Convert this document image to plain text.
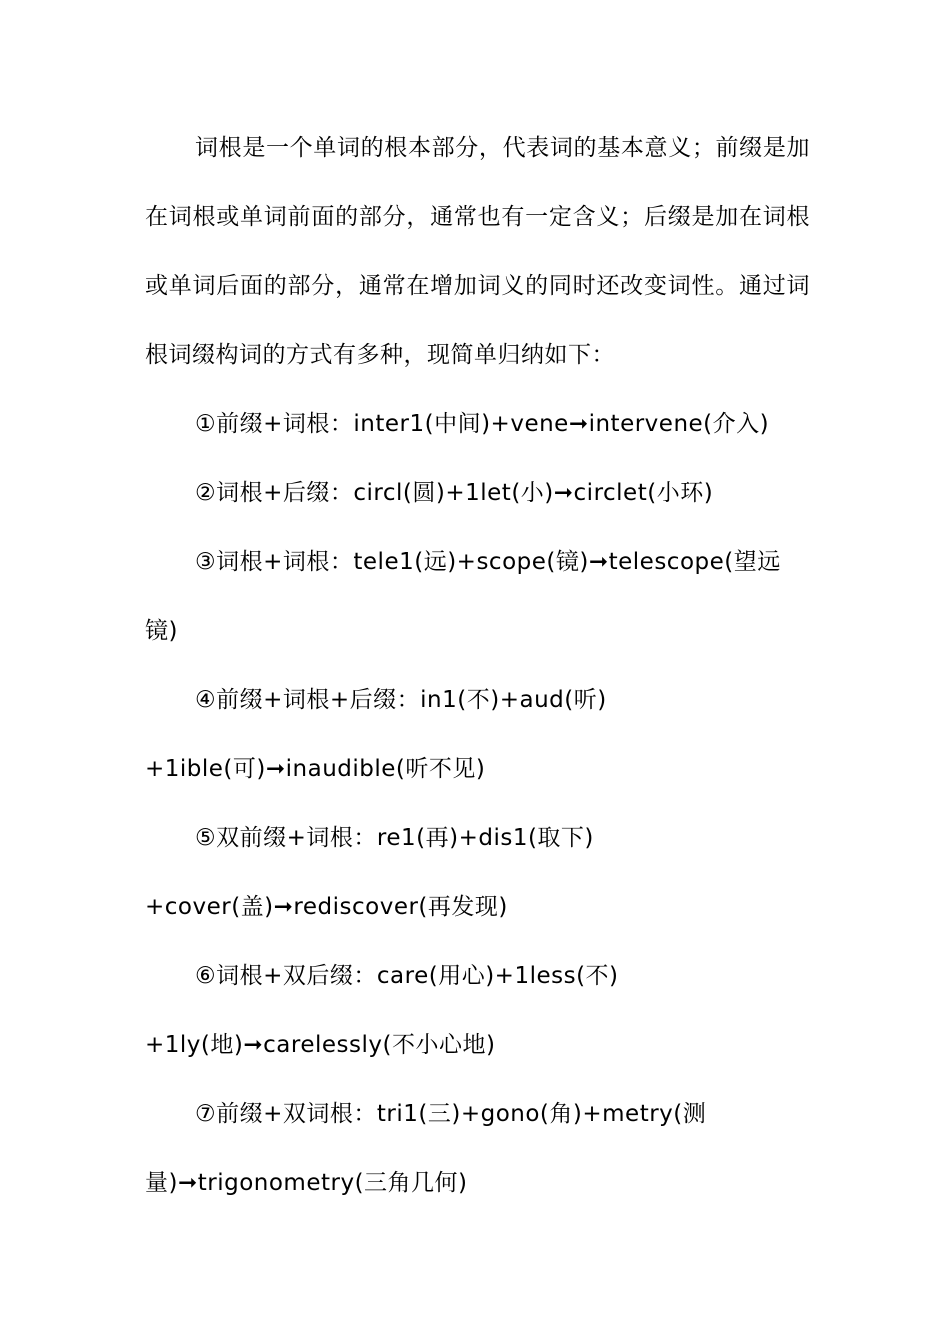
词根是一个单词的根本部分，代表词的基本意义；前缀是加在词根或单词前面的部分，通常也有一定含义；后缀是加在词根或单词后面的部分，通常在增加词义的同时还改变词性。通过词根词缀构词的方式有多种，现简单归纳如下：

①前缀+词根：inter1(中间)+vene➞intervene(介入)
②词根+后缀：circl(圆)+1let(小)➞circlet(小环)
③词根+词根：tele1(远)+scope(镜)➞telescope(望远
镜)
④前缀+词根+后缀：in1(不)+aud(听)
+1ible(可)➞inaudible(听不见)
⑤双前缀+词根：re1(再)+dis1(取下)
+cover(盖)➞rediscover(再发现)
⑥词根+双后缀：care(用心)+1less(不)
+1ly(地)➞carelessly(不小心地)
⑦前缀+双词根：tri1(三)+gono(角)+metry(测
量)➞trigonometry(三角几何)
